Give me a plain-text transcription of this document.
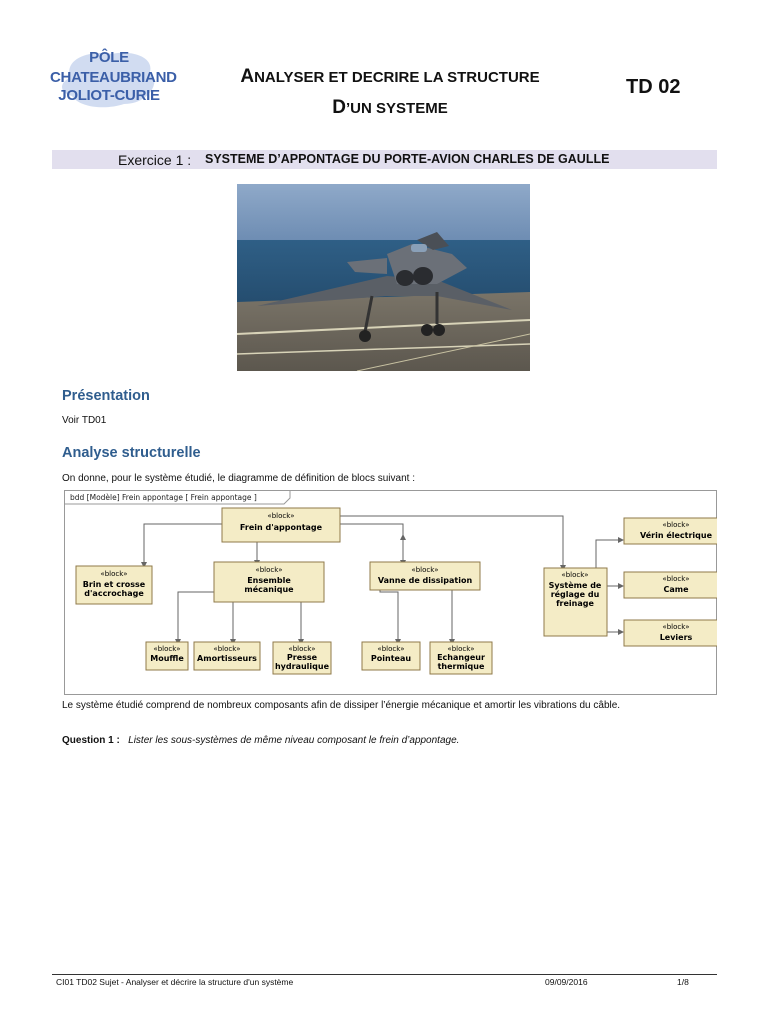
PÔLE
CHATEAUBRIAND
JOLIOT-CURIE
ANALYSER ET DECRIRE LA STRUCTURE
D’UN SYSTEME
TD 02
Exercice 1 : SYSTEME D’APPONTAGE DU PORTE-AVION CHARLES DE GAULLE
Présentation
Voir TD01
Analyse structurelle
On donne, pour le système étudié, le diagramme de définition de blocs suivant :
bdd [Modèle] Frein appontage [ Frein appontage ]
«block»
Frein d'appontage
«block»
Brin et crosse
d'accrochage
«block»
Ensemble
mécanique
«block»
Vanne de dissipation
«block»
Système de
réglage du
freinage
«block»
Vérin électrique
«block»
Came
«block»
Leviers
«block»
Mouffle
«block»
Amortisseurs
«block»
Presse
hydraulique
«block»
Pointeau
«block»
Echangeur
thermique
Le système étudié comprend de nombreux composants afin de dissiper l’énergie mécanique et amortir les vibrations du câble.
Question 1 : Lister les sous-systèmes de même niveau composant le frein d’appontage.
CI01 TD02 Sujet - Analyser et décrire la structure d'un système	09/09/2016	1/8
